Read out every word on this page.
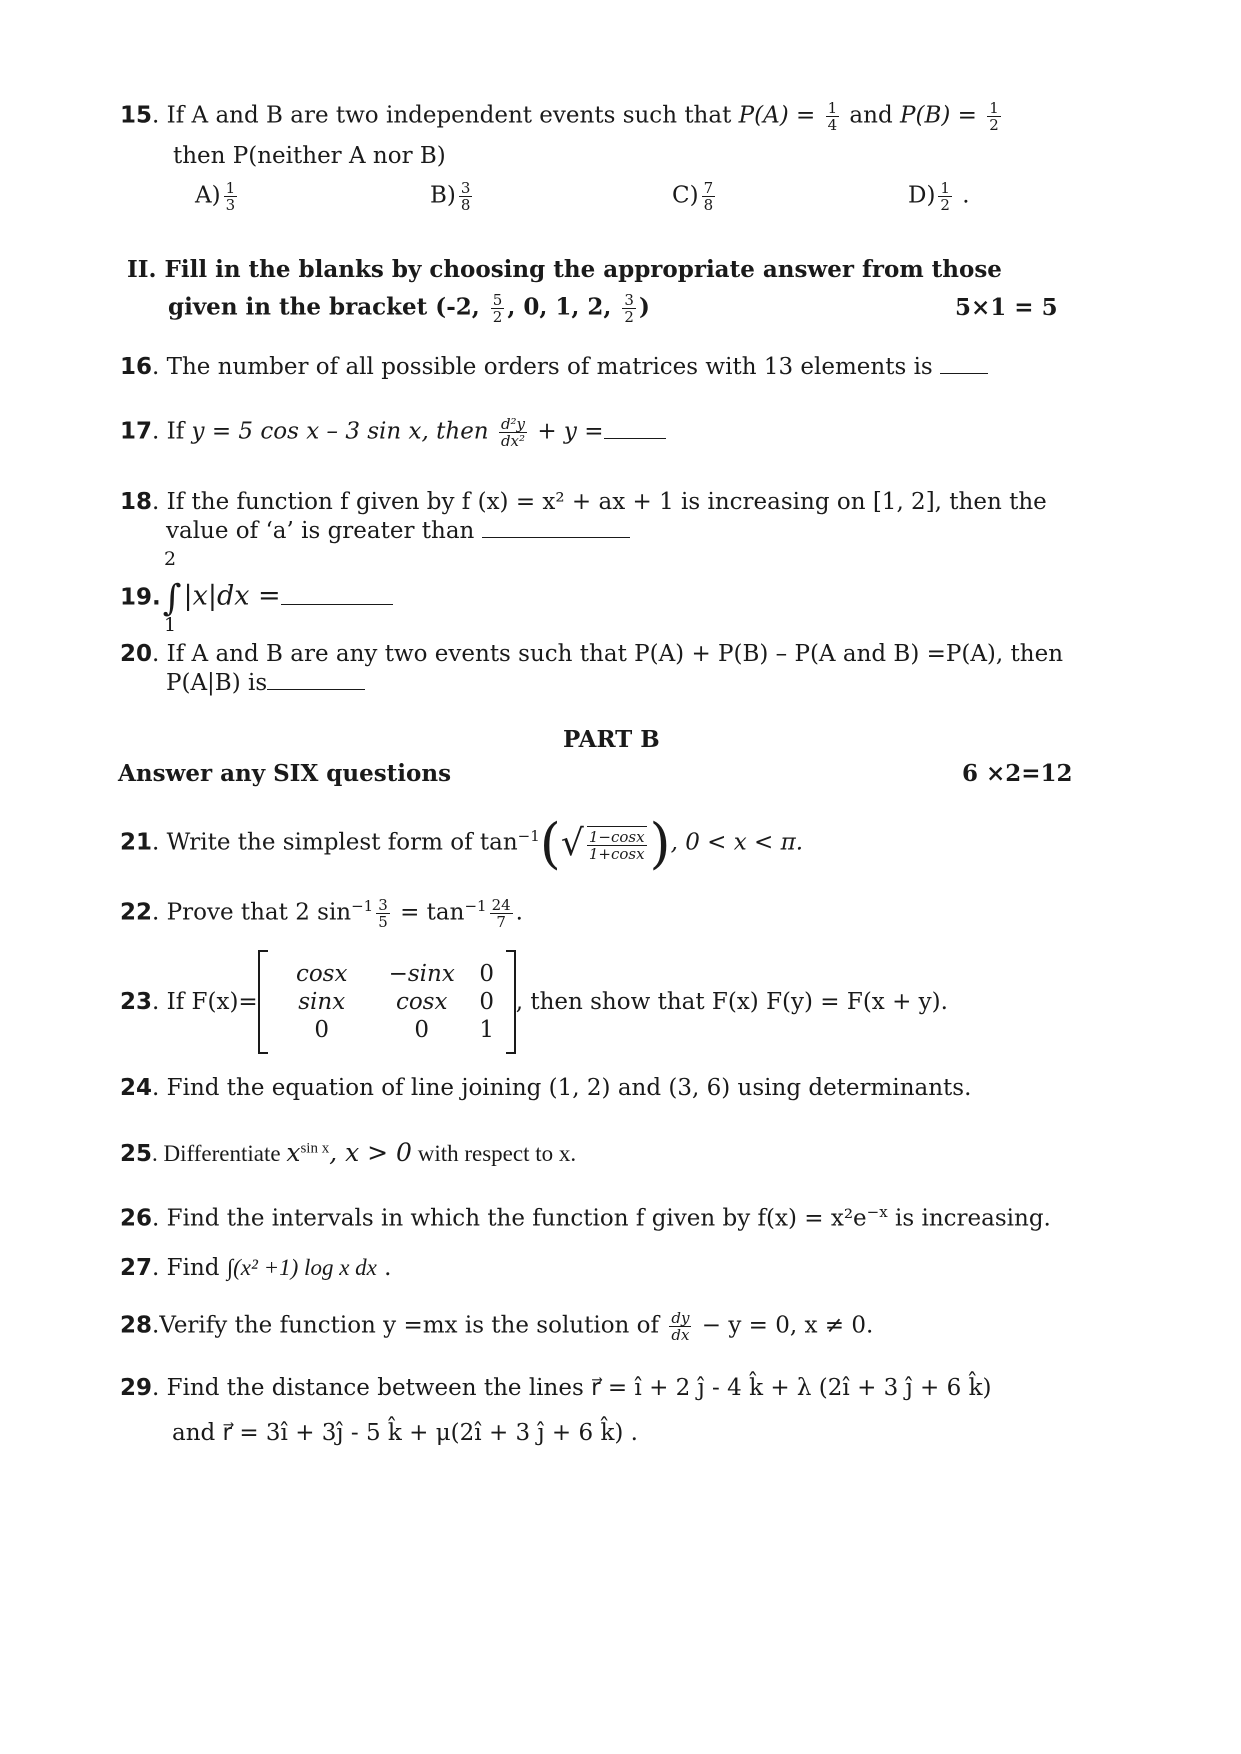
15. If A and B are two independent events such that $P(A) = \frac{1}{4}$ and $P(B) = \frac{1}{2}$
then P(neither A nor B)
$A) \frac{1}{3}$	$B) \frac{3}{8}$	$C) \frac{7}{8}$	$D) \frac{1}{2}$ .
II. Fill in the blanks by choosing the appropriate answer from those
given in the bracket (-2, $\frac{5}{2}$ , 0, 1, 2, $\frac{3}{2}$ )	5×1 = 5
16. The number of all possible orders of matrices with 13 elements is
17. If y = 5 cos x – 3 sin x, then $\frac{\text{d²y}}{\text{dx²}} + y$ =
18. If the function f given by f (x) = x² + ax + 1 is increasing on [1, 2], then the
value of ‘a’ is greater than
2
19.∫|x|dx =
1
20. If A and B are any two events such that P(A) + P(B) – P(A and B) =P(A), then
P(A|B) is
PART B
Answer any SIX questions	6 ×2=12
21. Write the simplest form of $\tan^{-1}(√ \frac{1-\cos x}{1+\cos x}$ ), 0 < x < π.
22. Prove that 2 $\sin^{-1} \frac{3}{5} = \tan^{-1} \frac{24}{7}$ .
23 . If F(x)=
cosx	−sinx	0
sinx	cosx	0
0	0	1
, then show that F(x) F(y) = F(x + y).
24. Find the equation of line joining (1, 2) and (3, 6) using determinants.
25. Differentiate $x^{sin x}$, x > 0 with respect to x.
26. Find the intervals in which the function f given by $f(x) = x^2e^{-x}$ is increasing.
27. Find ∫(x² +1) log x dx .
28.Verify the function y =mx is the solution of $\frac{dy}{dx} - y = 0$, x ≠ 0.
29. Find the distance between the lines r⃗ = î + 2 ĵ - 4 k̂ + λ (2î + 3 ĵ + 6 k̂)
and r⃗ = 3î + 3ĵ - 5 k̂ + μ(2î + 3 ĵ + 6 k̂) .
